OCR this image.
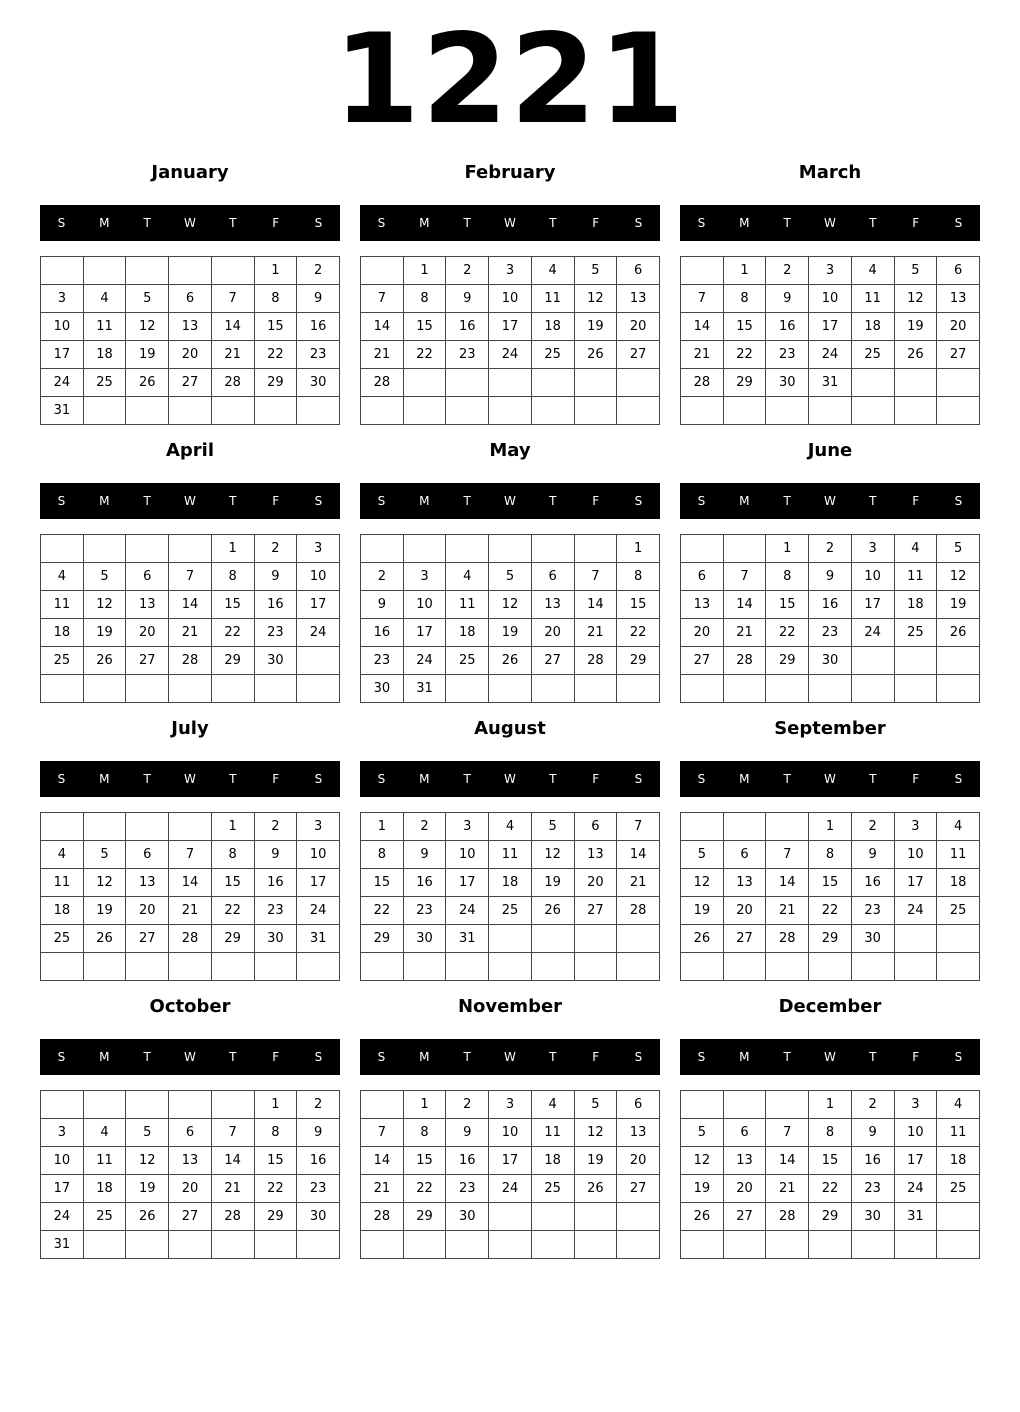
1221
January
S	M	T	W	T	F	S
					1	2
3	4	5	6	7	8	9
10	11	12	13	14	15	16
17	18	19	20	21	22	23
24	25	26	27	28	29	30
31						
February
S	M	T	W	T	F	S
	1	2	3	4	5	6
7	8	9	10	11	12	13
14	15	16	17	18	19	20
21	22	23	24	25	26	27
28						

March
S	M	T	W	T	F	S
	1	2	3	4	5	6
7	8	9	10	11	12	13
14	15	16	17	18	19	20
21	22	23	24	25	26	27
28	29	30	31			

April
S	M	T	W	T	F	S
				1	2	3
4	5	6	7	8	9	10
11	12	13	14	15	16	17
18	19	20	21	22	23	24
25	26	27	28	29	30	

May
S	M	T	W	T	F	S
						1
2	3	4	5	6	7	8
9	10	11	12	13	14	15
16	17	18	19	20	21	22
23	24	25	26	27	28	29
30	31					
June
S	M	T	W	T	F	S
		1	2	3	4	5
6	7	8	9	10	11	12
13	14	15	16	17	18	19
20	21	22	23	24	25	26
27	28	29	30			

July
S	M	T	W	T	F	S
				1	2	3
4	5	6	7	8	9	10
11	12	13	14	15	16	17
18	19	20	21	22	23	24
25	26	27	28	29	30	31

August
S	M	T	W	T	F	S
1	2	3	4	5	6	7
8	9	10	11	12	13	14
15	16	17	18	19	20	21
22	23	24	25	26	27	28
29	30	31				

September
S	M	T	W	T	F	S
			1	2	3	4
5	6	7	8	9	10	11
12	13	14	15	16	17	18
19	20	21	22	23	24	25
26	27	28	29	30		

October
S	M	T	W	T	F	S
					1	2
3	4	5	6	7	8	9
10	11	12	13	14	15	16
17	18	19	20	21	22	23
24	25	26	27	28	29	30
31						
November
S	M	T	W	T	F	S
	1	2	3	4	5	6
7	8	9	10	11	12	13
14	15	16	17	18	19	20
21	22	23	24	25	26	27
28	29	30				

December
S	M	T	W	T	F	S
			1	2	3	4
5	6	7	8	9	10	11
12	13	14	15	16	17	18
19	20	21	22	23	24	25
26	27	28	29	30	31	
